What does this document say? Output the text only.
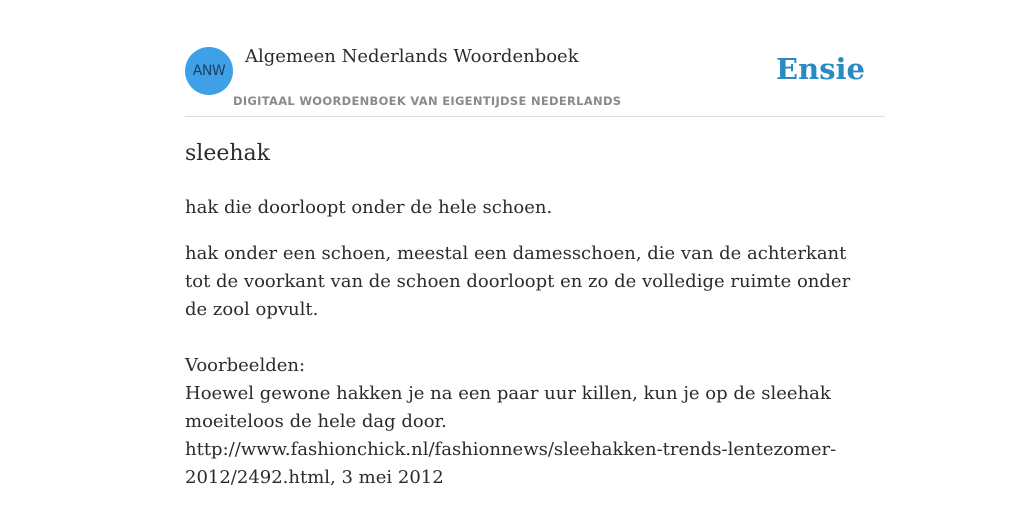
ANW
Algemeen Nederlands Woordenboek
DIGITAAL WOORDENBOEK VAN EIGENTIJDSE NEDERLANDS
Ensie
sleehak
hak die doorloopt onder de hele schoen.
hak onder een schoen, meestal een damesschoen, die van de achterkant tot de voorkant van de schoen doorloopt en zo de volledige ruimte onder de zool opvult.
Voorbeelden:
Hoewel gewone hakken je na een paar uur killen, kun je op de sleehak
moeiteloos de hele dag door.
http://www.fashionchick.nl/fashionnews/sleehakken-trends-lentezomer-
2012/2492.html, 3 mei 2012
